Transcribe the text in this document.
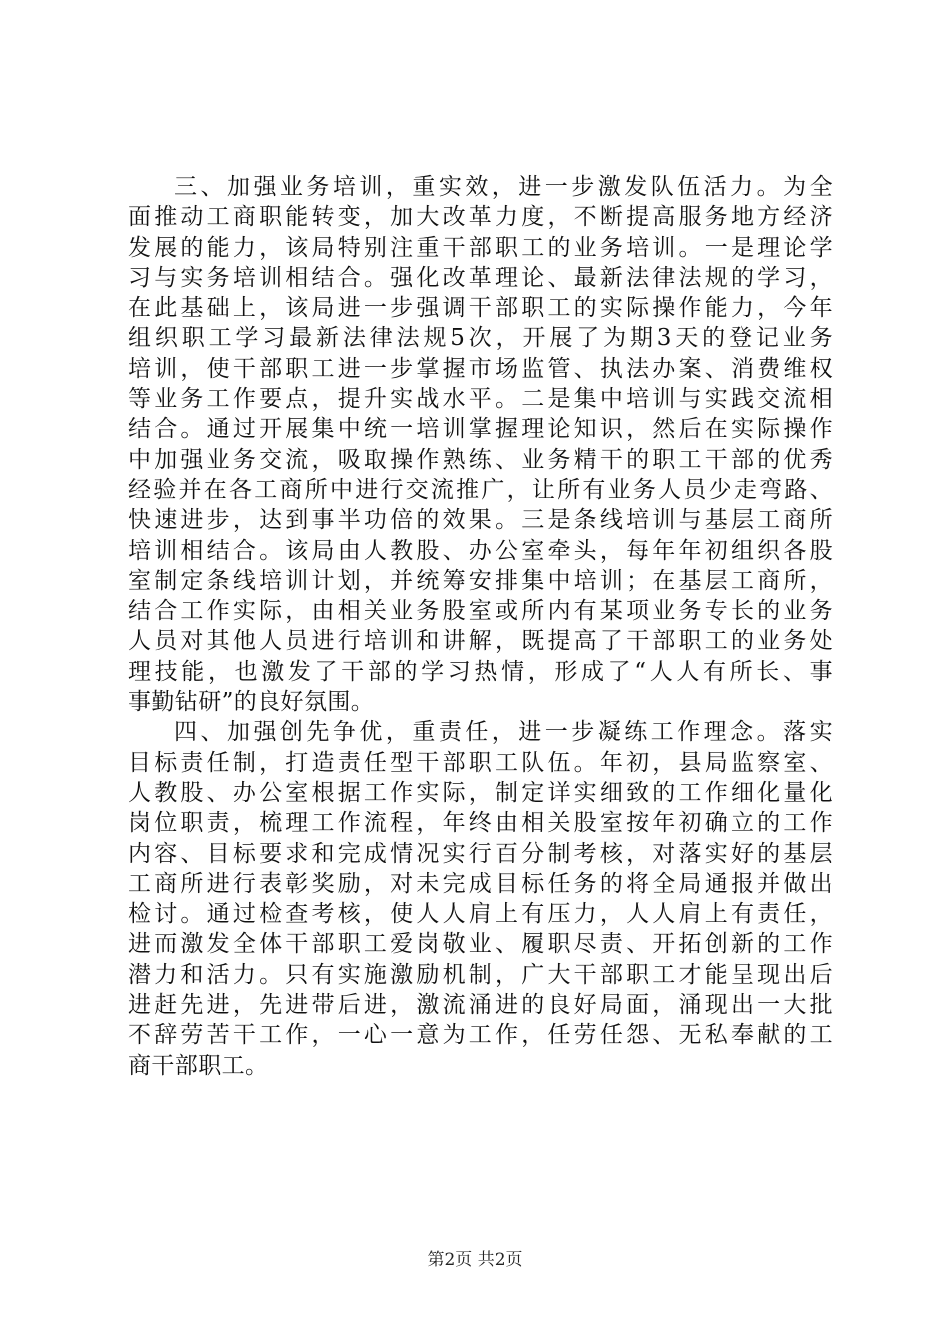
三、加强业务培训，重实效，进一步激发队伍活力。为全
面推动工商职能转变，加大改革力度，不断提高服务地方经济
发展的能力，该局特别注重干部职工的业务培训。一是理论学
习与实务培训相结合。强化改革理论、最新法律法规的学习，
在此基础上，该局进一步强调干部职工的实际操作能力，今年
组织职工学习最新法律法规5次，开展了为期3天的登记业务
培训，使干部职工进一步掌握市场监管、执法办案、消费维权
等业务工作要点，提升实战水平。二是集中培训与实践交流相
结合。通过开展集中统一培训掌握理论知识，然后在实际操作
中加强业务交流，吸取操作熟练、业务精干的职工干部的优秀
经验并在各工商所中进行交流推广，让所有业务人员少走弯路、
快速进步，达到事半功倍的效果。三是条线培训与基层工商所
培训相结合。该局由人教股、办公室牵头，每年年初组织各股
室制定条线培训计划，并统筹安排集中培训；在基层工商所，
结合工作实际，由相关业务股室或所内有某项业务专长的业务
人员对其他人员进行培训和讲解，既提高了干部职工的业务处
理技能，也激发了干部的学习热情，形成了“人人有所长、事
事勤钻研”的良好氛围。
四、加强创先争优，重责任，进一步凝练工作理念。落实
目标责任制，打造责任型干部职工队伍。年初，县局监察室、
人教股、办公室根据工作实际，制定详实细致的工作细化量化
岗位职责，梳理工作流程，年终由相关股室按年初确立的工作
内容、目标要求和完成情况实行百分制考核，对落实好的基层
工商所进行表彰奖励，对未完成目标任务的将全局通报并做出
检讨。通过检查考核，使人人肩上有压力，人人肩上有责任，
进而激发全体干部职工爱岗敬业、履职尽责、开拓创新的工作
潜力和活力。只有实施激励机制，广大干部职工才能呈现出后
进赶先进，先进带后进，激流涌进的良好局面，涌现出一大批
不辞劳苦干工作，一心一意为工作，任劳任怨、无私奉献的工
商干部职工。
第2页 共2页
